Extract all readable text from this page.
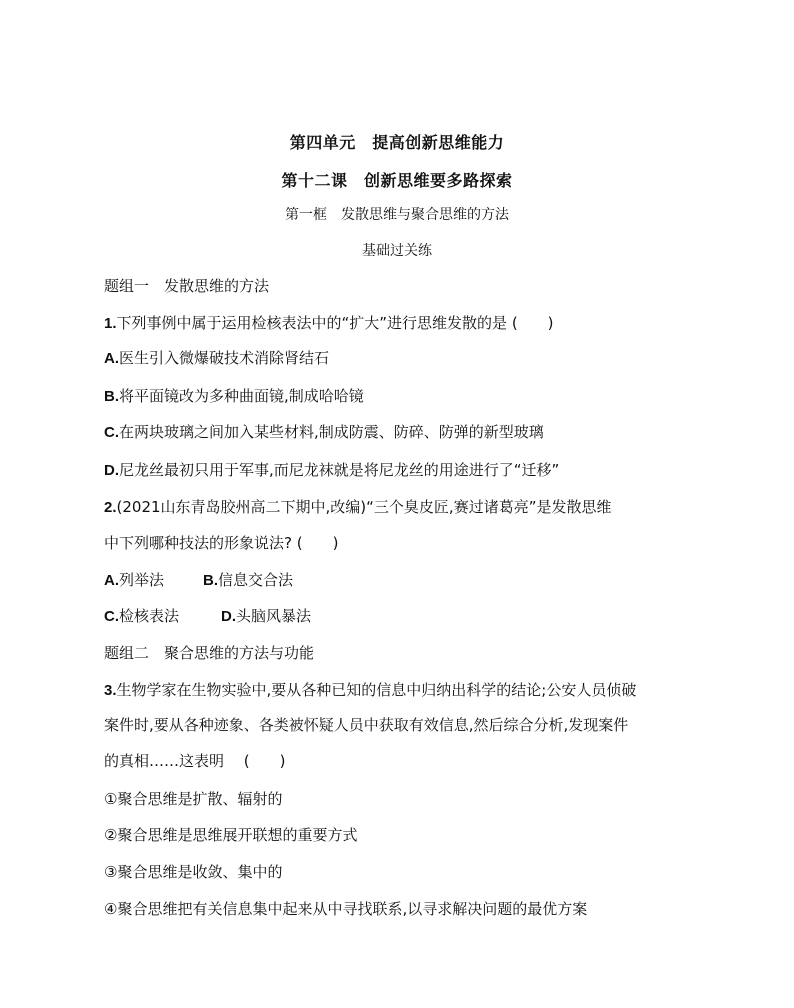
第四单元　提高创新思维能力
第十二课　创新思维要多路探索
第一框　发散思维与聚合思维的方法
基础过关练
题组一　发散思维的方法
1.下列事例中属于运用检核表法中的“扩大”进行思维发散的是 (　　)
A.医生引入微爆破技术消除肾结石
B.将平面镜改为多种曲面镜,制成哈哈镜
C.在两块玻璃之间加入某些材料,制成防震、防碎、防弹的新型玻璃
D.尼龙丝最初只用于军事,而尼龙袜就是将尼龙丝的用途进行了“迁移”
2.(2021山东青岛胶州高二下期中,改编)“三个臭皮匠,赛过诸葛亮”是发散思维
中下列哪种技法的形象说法? (　　)
A.列举法	B.信息交合法
C.检核表法	D.头脑风暴法
题组二　聚合思维的方法与功能
3.生物学家在生物实验中,要从各种已知的信息中归纳出科学的结论;公安人员侦破
案件时,要从各种迹象、各类被怀疑人员中获取有效信息,然后综合分析,发现案件
的真相……这表明　 (　　)
①聚合思维是扩散、辐射的
②聚合思维是思维展开联想的重要方式
③聚合思维是收敛、集中的
④聚合思维把有关信息集中起来从中寻找联系,以寻求解决问题的最优方案
